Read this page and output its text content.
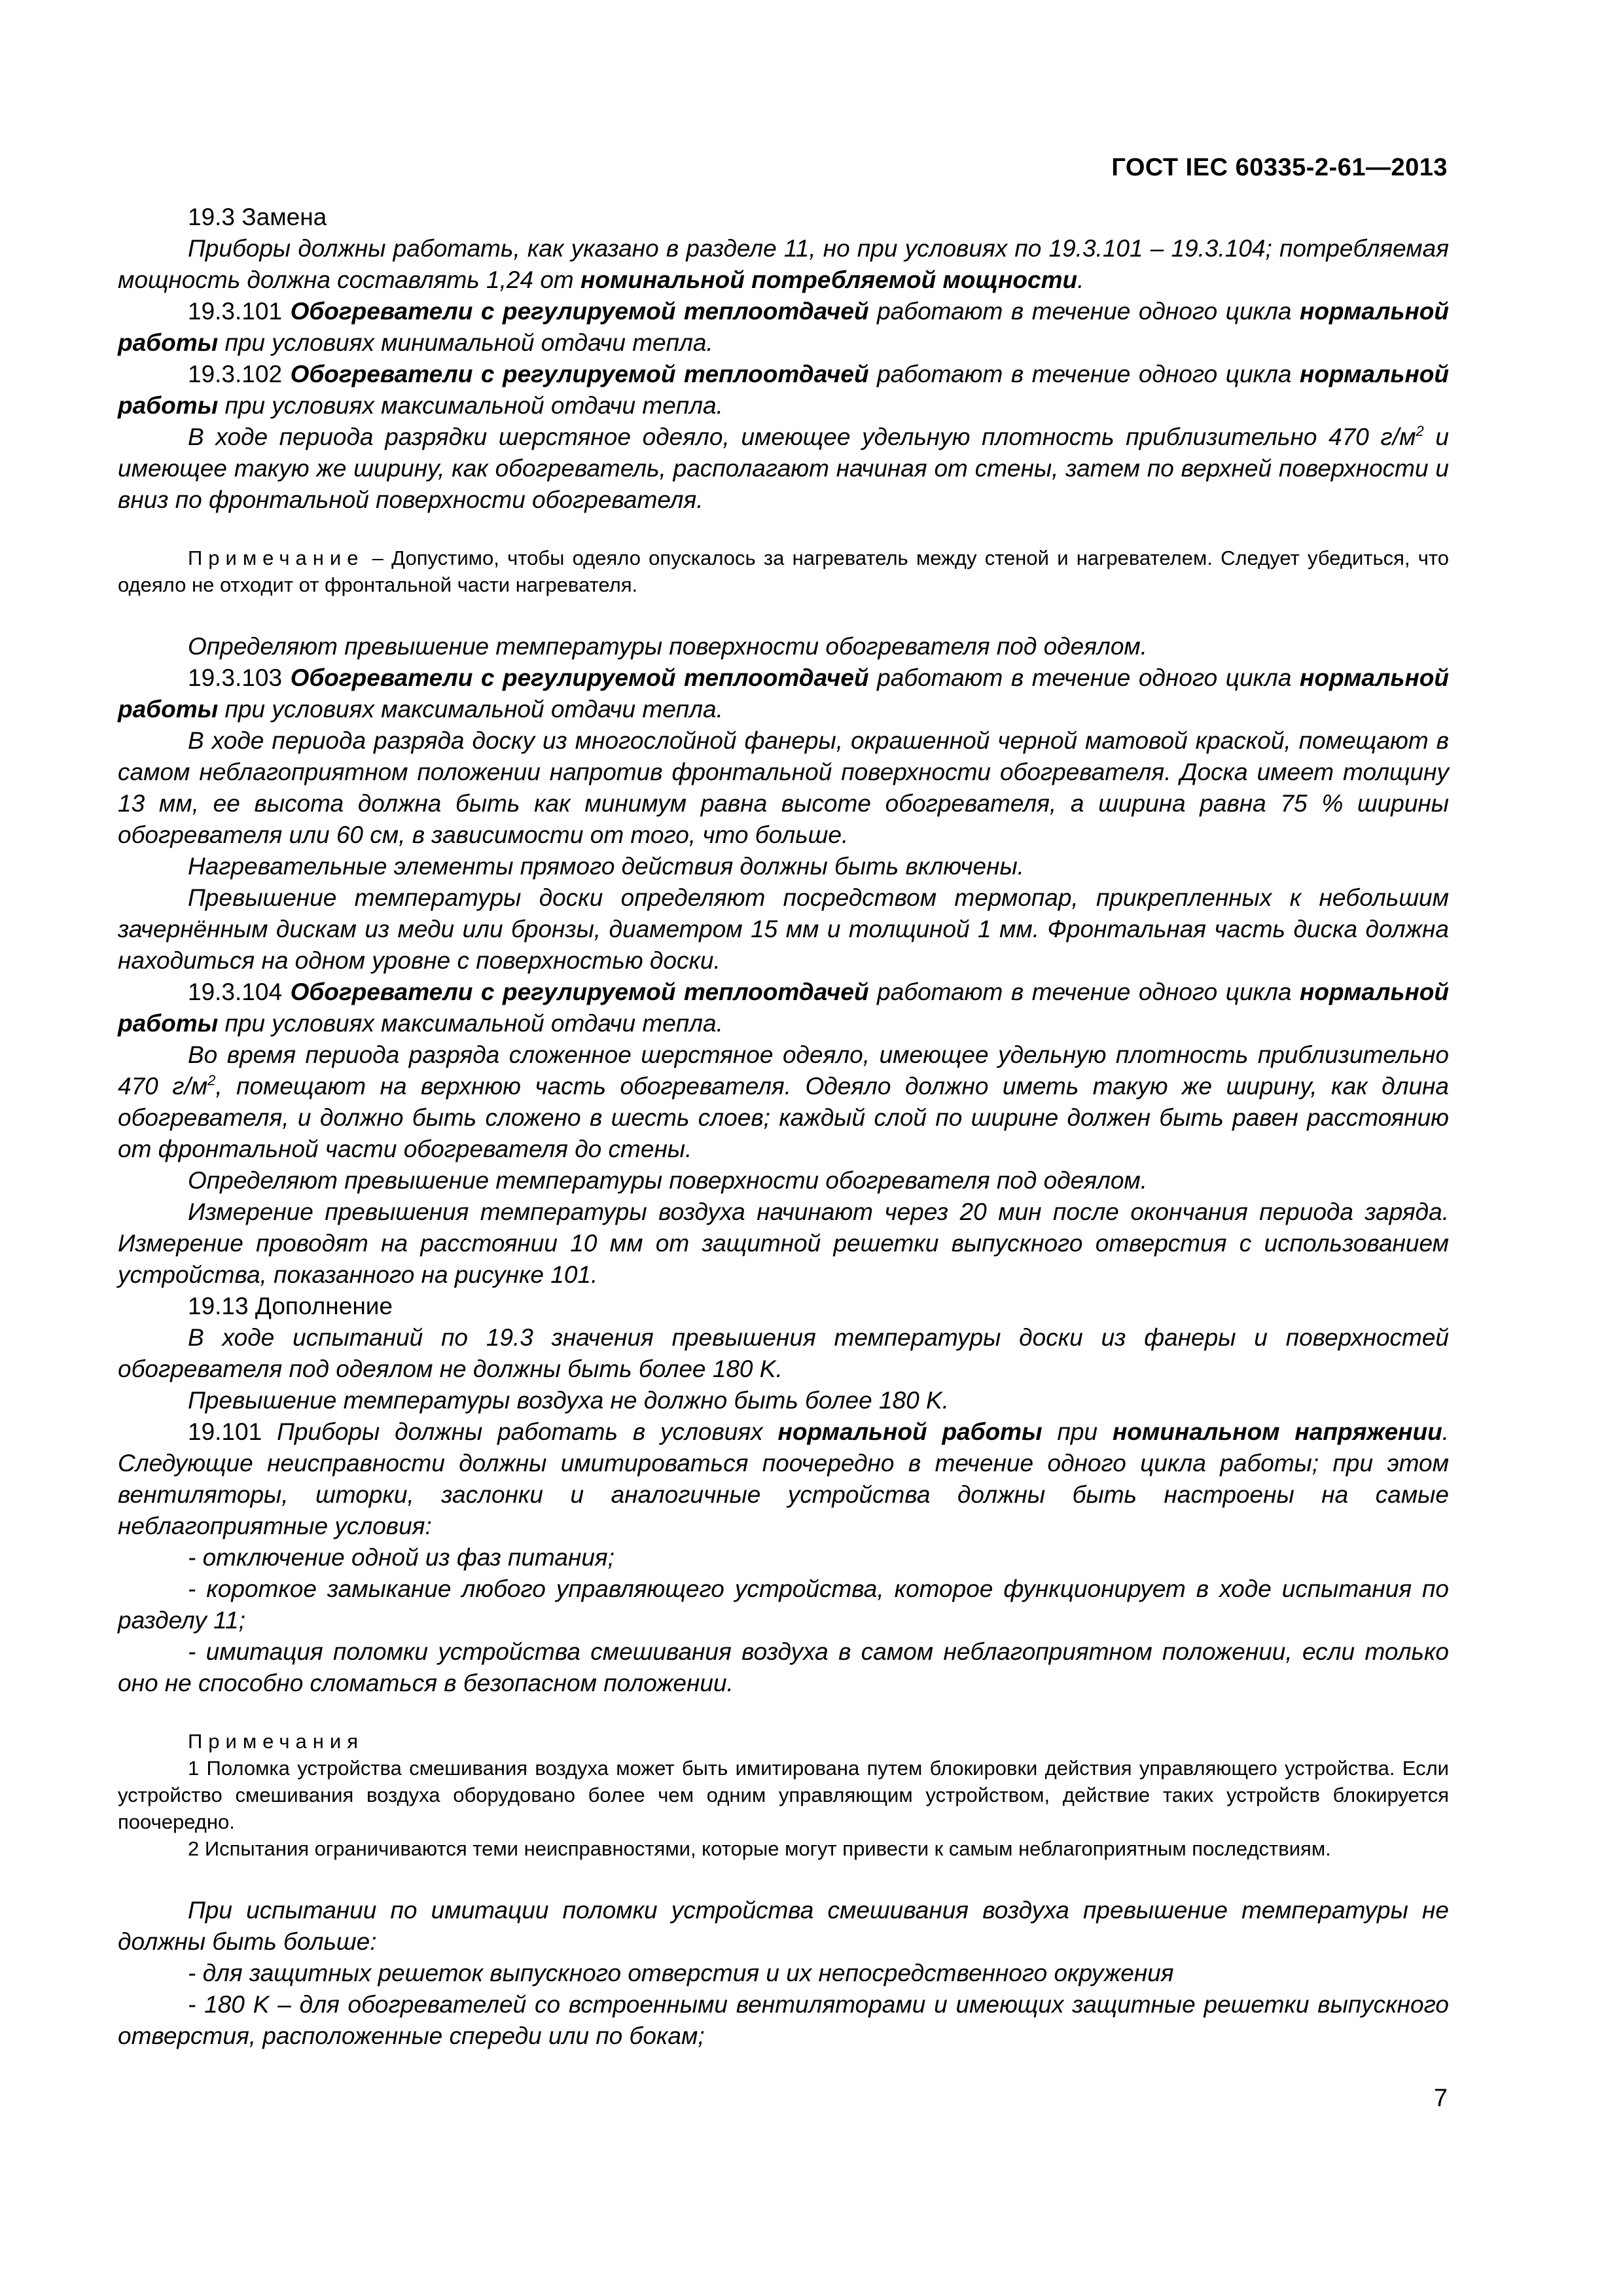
ГОСТ IEC 60335-2-61—2013

19.3 Замена

Приборы должны работать, как указано в разделе 11, но при условиях по 19.3.101 – 19.3.104; потребляемая мощность должна составлять 1,24 от номинальной потребляемой мощности.

19.3.101 Обогреватели с регулируемой теплоотдачей работают в течение одного цикла нормальной работы при условиях минимальной отдачи тепла.

19.3.102 Обогреватели с регулируемой теплоотдачей работают в течение одного цикла нормальной работы при условиях максимальной отдачи тепла.

В ходе периода разрядки шерстяное одеяло, имеющее удельную плотность приблизительно 470 $г/м^2$ и имеющее такую же ширину, как обогреватель, располагают начиная от стены, затем по верхней поверхности и вниз по фронтальной поверхности обогревателя.

Примечание – Допустимо, чтобы одеяло опускалось за нагреватель между стеной и нагревателем. Следует убедиться, что одеяло не отходит от фронтальной части нагревателя.

Определяют превышение температуры поверхности обогревателя под одеялом.

19.3.103 Обогреватели с регулируемой теплоотдачей работают в течение одного цикла нормальной работы при условиях максимальной отдачи тепла.

В ходе периода разряда доску из многослойной фанеры, окрашенной черной матовой краской, помещают в самом неблагоприятном положении напротив фронтальной поверхности обогревателя. Доска имеет толщину 13 мм, ее высота должна быть как минимум равна высоте обогревателя, а ширина равна 75 % ширины обогревателя или 60 см, в зависимости от того, что больше.

Нагревательные элементы прямого действия должны быть включены.

Превышение температуры доски определяют посредством термопар, прикрепленных к небольшим зачернённым дискам из меди или бронзы, диаметром 15 мм и толщиной 1 мм. Фронтальная часть диска должна находиться на одном уровне с поверхностью доски.

19.3.104 Обогреватели с регулируемой теплоотдачей работают в течение одного цикла нормальной работы при условиях максимальной отдачи тепла.

Во время периода разряда сложенное шерстяное одеяло, имеющее удельную плотность приблизительно 470 $г/м^2$, помещают на верхнюю часть обогревателя. Одеяло должно иметь такую же ширину, как длина обогревателя, и должно быть сложено в шесть слоев; каждый слой по ширине должен быть равен расстоянию от фронтальной части обогревателя до стены.

Определяют превышение температуры поверхности обогревателя под одеялом.

Измерение превышения температуры воздуха начинают через 20 мин после окончания периода заряда. Измерение проводят на расстоянии 10 мм от защитной решетки выпускного отверстия с использованием устройства, показанного на рисунке 101.

19.13 Дополнение

В ходе испытаний по 19.3 значения превышения температуры доски из фанеры и поверхностей обогревателя под одеялом не должны быть более 180 K.

Превышение температуры воздуха не должно быть более 180 K.

19.101 Приборы должны работать в условиях нормальной работы при номинальном напряжении. Следующие неисправности должны имитироваться поочередно в течение одного цикла работы; при этом вентиляторы, шторки, заслонки и аналогичные устройства должны быть настроены на самые неблагоприятные условия:

- отключение одной из фаз питания;

- короткое замыкание любого управляющего устройства, которое функционирует в ходе испытания по разделу 11;

- имитация поломки устройства смешивания воздуха в самом неблагоприятном положении, если только оно не способно сломаться в безопасном положении.

Примечания

1 Поломка устройства смешивания воздуха может быть имитирована путем блокировки действия управляющего устройства. Если устройство смешивания воздуха оборудовано более чем одним управляющим устройством, действие таких устройств блокируется поочередно.

2 Испытания ограничиваются теми неисправностями, которые могут привести к самым неблагоприятным последствиям.

При испытании по имитации поломки устройства смешивания воздуха превышение температуры не должны быть больше:

- для защитных решеток выпускного отверстия и их непосредственного окружения

- 180 K – для обогревателей со встроенными вентиляторами и имеющих защитные решетки выпускного отверстия, расположенные спереди или по бокам;

7
